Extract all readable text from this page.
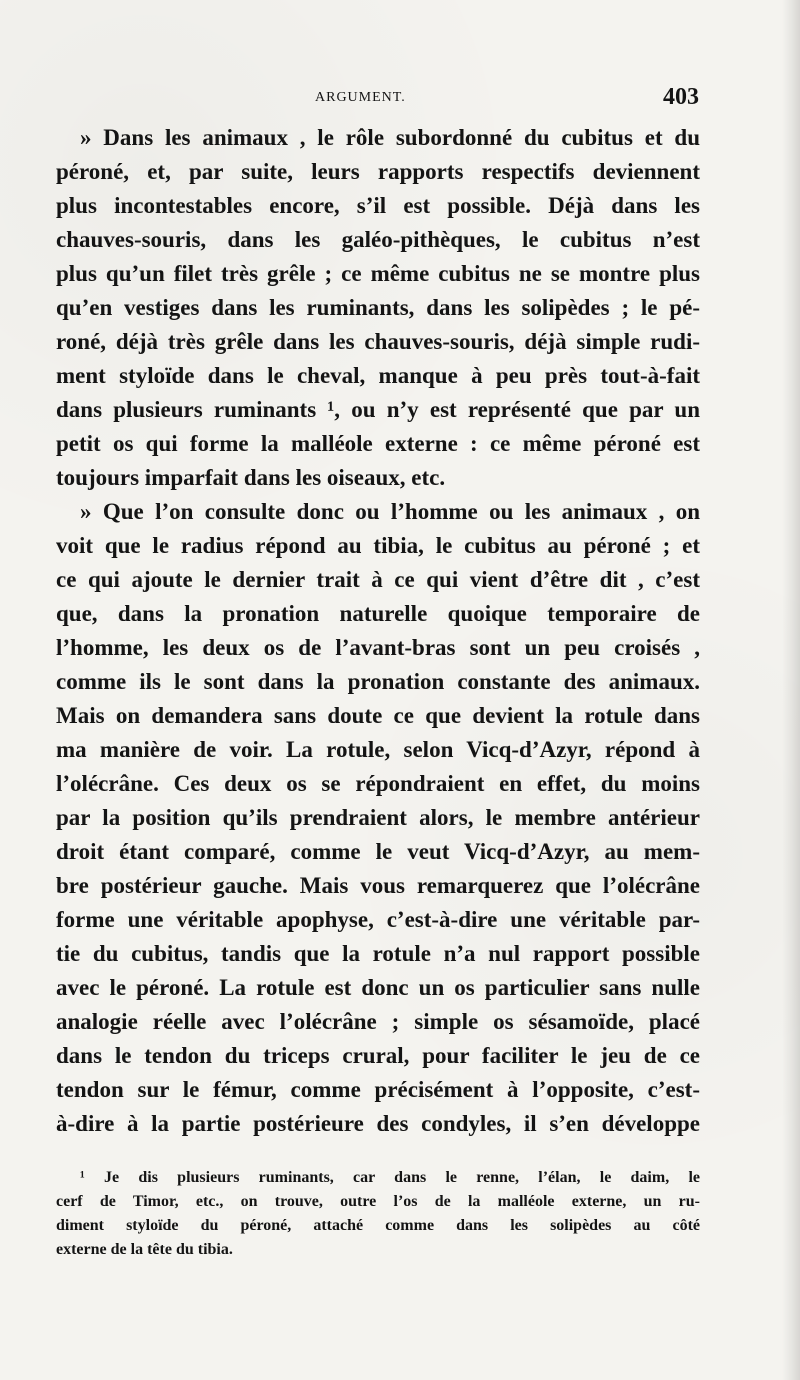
ARGUMENT.	403
» Dans les animaux , le rôle subordonné du cubitus et du
péroné, et, par suite, leurs rapports respectifs deviennent
plus incontestables encore, s’il est possible. Déjà dans les
chauves-souris, dans les galéo-pithèques, le cubitus n’est
plus qu’un filet très grêle ; ce même cubitus ne se montre plus
qu’en vestiges dans les ruminants, dans les solipèdes ; le pé-
roné, déjà très grêle dans les chauves-souris, déjà simple rudi-
ment styloïde dans le cheval, manque à peu près tout-à-fait
dans plusieurs ruminants ¹, ou n’y est représenté que par un
petit os qui forme la malléole externe : ce même péroné est
toujours imparfait dans les oiseaux, etc.
» Que l’on consulte donc ou l’homme ou les animaux , on
voit que le radius répond au tibia, le cubitus au péroné ; et
ce qui ajoute le dernier trait à ce qui vient d’être dit , c’est
que, dans la pronation naturelle quoique temporaire de
l’homme, les deux os de l’avant-bras sont un peu croisés ,
comme ils le sont dans la pronation constante des animaux.
Mais on demandera sans doute ce que devient la rotule dans
ma manière de voir. La rotule, selon Vicq-d’Azyr, répond à
l’olécrâne. Ces deux os se répondraient en effet, du moins
par la position qu’ils prendraient alors, le membre antérieur
droit étant comparé, comme le veut Vicq-d’Azyr, au mem-
bre postérieur gauche. Mais vous remarquerez que l’olécrâne
forme une véritable apophyse, c’est-à-dire une véritable par-
tie du cubitus, tandis que la rotule n’a nul rapport possible
avec le péroné. La rotule est donc un os particulier sans nulle
analogie réelle avec l’olécrâne ; simple os sésamoïde, placé
dans le tendon du triceps crural, pour faciliter le jeu de ce
tendon sur le fémur, comme précisément à l’opposite, c’est-
à-dire à la partie postérieure des condyles, il s’en développe
¹ Je dis plusieurs ruminants, car dans le renne, l’élan, le daim, le
cerf de Timor, etc., on trouve, outre l’os de la malléole externe, un ru-
diment styloïde du péroné, attaché comme dans les solipèdes au côté
externe de la tête du tibia.
